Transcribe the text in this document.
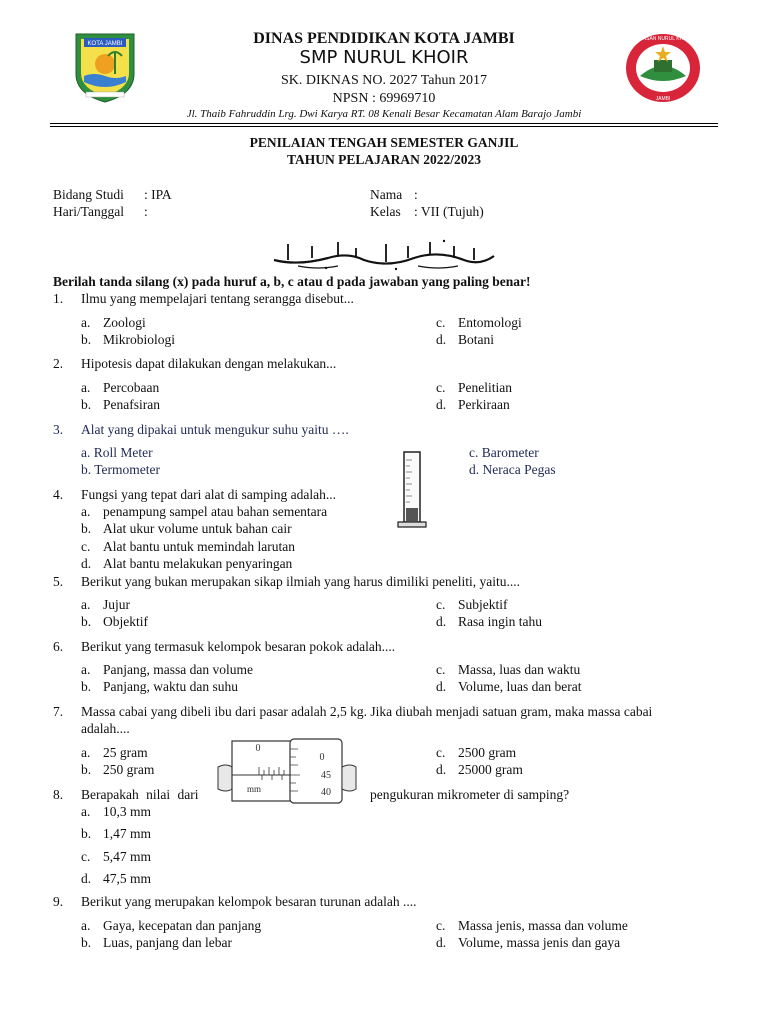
KOTA JAMBI	DINAS PENDIDIKAN KOTA JAMBI
SMP NURUL KHOIR
SK. DIKNAS NO. 2027 Tahun 2017
NPSN : 69969710
Jl. Thaib Fahruddin Lrg. Dwi Karya RT. 08 Kenali Besar Kecamatan Alam Barajo Jambi
YAYASAN NURUL KHOIR
JAMBI
PENILAIAN TENGAH SEMESTER GANJIL
TAHUN PELAJARAN 2022/2023
Bidang Studi : IPA
Hari/Tanggal :
Nama :
Kelas : VII (Tujuh)
Berilah tanda silang (x) pada huruf a, b, c atau d pada jawaban yang paling benar!
1. Ilmu yang mempelajari tentang serangga disebut...
a. Zoologi
b. Mikrobiologi
c. Entomologi
d. Botani
2. Hipotesis dapat dilakukan dengan melakukan...
a. Percobaan
b. Penafsiran
c. Penelitian
d. Perkiraan
3. Alat yang dipakai untuk mengukur suhu yaitu ….
a. Roll Meter
b. Termometer
c. Barometer
d. Neraca Pegas
4. Fungsi yang tepat dari alat di samping adalah...
a. penampung sampel atau bahan sementara
b. Alat ukur volume untuk bahan cair
c. Alat bantu untuk memindah larutan
d. Alat bantu melakukan penyaringan
5. Berikut yang bukan merupakan sikap ilmiah yang harus dimiliki peneliti, yaitu....
a. Jujur
b. Objektif
c. Subjektif
d. Rasa ingin tahu
6. Berikut yang termasuk kelompok besaran pokok adalah....
a. Panjang, massa dan volume
b. Panjang, waktu dan suhu
c. Massa, luas dan waktu
d. Volume, luas dan berat
7. Massa cabai yang dibeli ibu dari pasar adalah 2,5 kg. Jika diubah menjadi satuan gram, maka massa cabai
adalah....
a. 25 gram
b. 250 gram
c. 2500 gram
d. 25000 gram
0
mm
0
45
40
8. Berapakah nilai dari	pengukuran mikrometer di samping?
a. 10,3 mm
b. 1,47 mm
c. 5,47 mm
d. 47,5 mm
9. Berikut yang merupakan kelompok besaran turunan adalah ....
a. Gaya, kecepatan dan panjang
b. Luas, panjang dan lebar
c. Massa jenis, massa dan volume
d. Volume, massa jenis dan gaya
